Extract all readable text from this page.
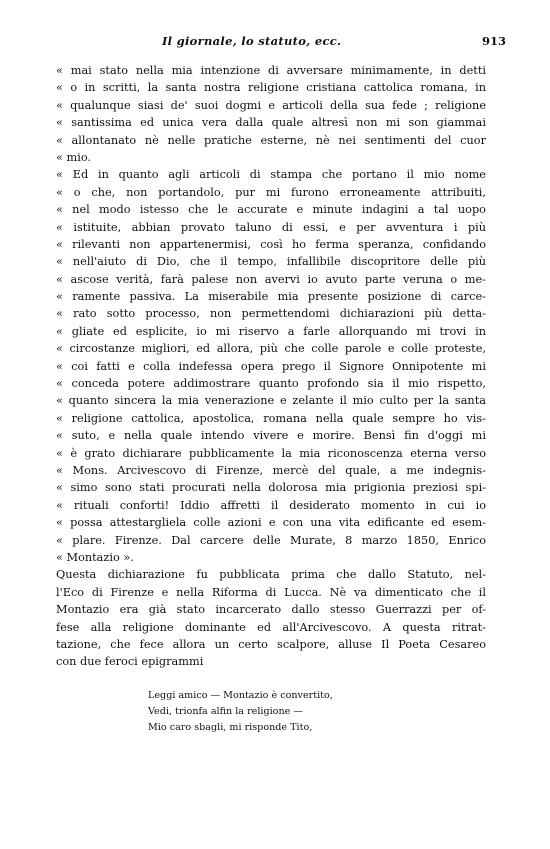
Il giornale, lo statuto, ecc.	913
« mai stato nella mia intenzione di avversare minimamente, in detti
« o in scritti, la santa nostra religione cristiana cattolica romana, in
« qualunque siasi de' suoi dogmi e articoli della sua fede ; religione
« santissima ed unica vera dalla quale altresì non mi son giammai
« allontanato nè nelle pratiche esterne, nè nei sentimenti del cuor
« mio.
« Ed in quanto agli articoli di stampa che portano il mio nome
« o che, non portandolo, pur mi furono erroneamente attribuiti,
« nel modo istesso che le accurate e minute indagini a tal uopo
« istituite, abbian provato taluno di essi, e per avventura i più
« rilevanti non appartenermisi, così ho ferma speranza, confidando
« nell'aiuto di Dio, che il tempo, infallibile discopritore delle più
« ascose verità, farà palese non avervi io avuto parte veruna o me-
« ramente passiva. La miserabile mia presente posizione di carce-
« rato sotto processo, non permettendomi dichiarazioni più detta-
« gliate ed esplicite, io mi riservo a farle allorquando mi trovi in
« circostanze migliori, ed allora, più che colle parole e colle proteste,
« coi fatti e colla indefessa opera prego il Signore Onnipotente mi
« conceda potere addimostrare quanto profondo sia il mio rispetto,
« quanto sincera la mia venerazione e zelante il mio culto per la santa
« religione cattolica, apostolica, romana nella quale sempre ho vis-
« suto, e nella quale intendo vivere e morire. Bensì fin d'oggi mi
« è grato dichiarare pubblicamente la mia riconoscenza eterna verso
« Mons. Arcivescovo di Firenze, mercè del quale, a me indegnis-
« simo sono stati procurati nella dolorosa mia prigionia preziosi spi-
« rituali conforti! Iddio affretti il desiderato momento in cui io
« possa attestargliela colle azioni e con una vita edificante ed esem-
« plare. Firenze. Dal carcere delle Murate, 8 marzo 1850, Enrico
« Montazio ».
Questa dichiarazione fu pubblicata prima che dallo Statuto, nel-
l'Eco di Firenze e nella Riforma di Lucca. Nè va dimenticato che il
Montazio era già stato incarcerato dallo stesso Guerrazzi per of-
fese alla religione dominante ed all'Arcivescovo. A questa ritrat-
tazione, che fece allora un certo scalpore, alluse Il Poeta Cesareo
con due feroci epigrammi
Leggi amico — Montazio è convertito,
Vedi, trionfa alfin la religione —
Mio caro sbagli, mi risponde Tito,
